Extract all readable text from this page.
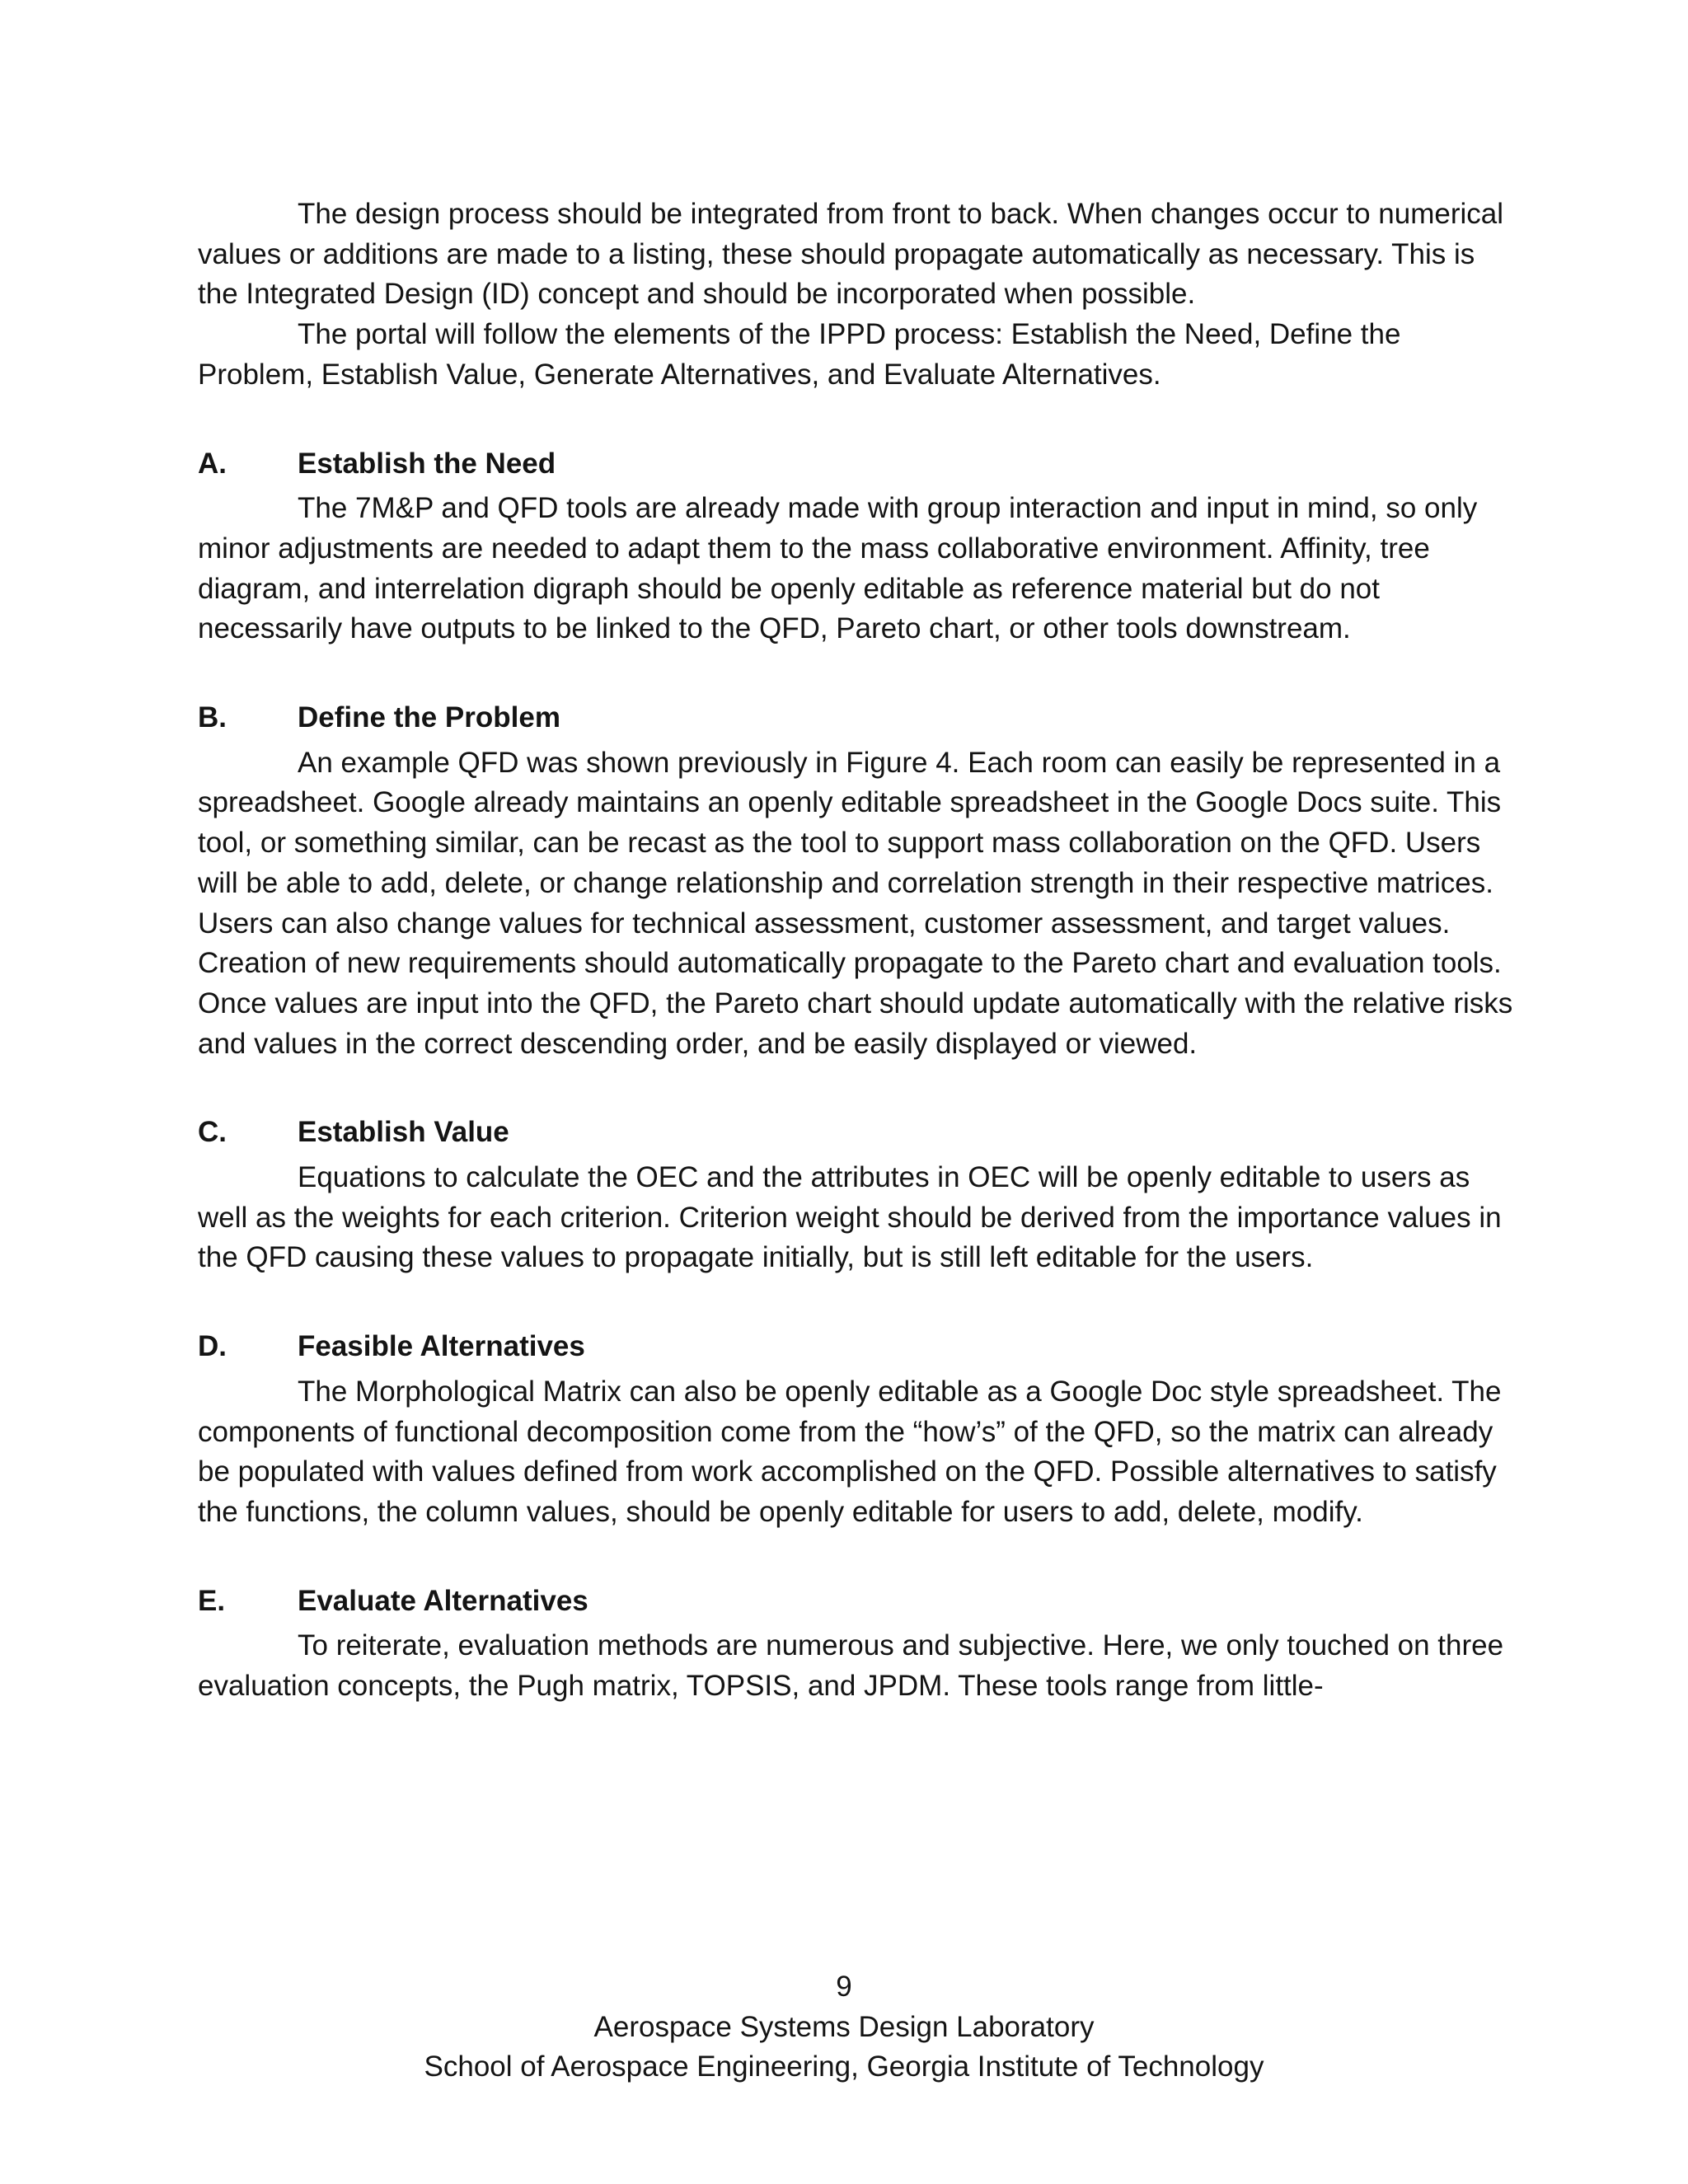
The design process should be integrated from front to back. When changes occur to numerical values or additions are made to a listing, these should propagate automatically as necessary. This is the Integrated Design (ID) concept and should be incorporated when possible.

The portal will follow the elements of the IPPD process: Establish the Need, Define the Problem, Establish Value, Generate Alternatives, and Evaluate Alternatives.

A.	Establish the Need

The 7M&P and QFD tools are already made with group interaction and input in mind, so only minor adjustments are needed to adapt them to the mass collaborative environment. Affinity, tree diagram, and interrelation digraph should be openly editable as reference material but do not necessarily have outputs to be linked to the QFD, Pareto chart, or other tools downstream.

B.	Define the Problem

An example QFD was shown previously in Figure 4. Each room can easily be represented in a spreadsheet. Google already maintains an openly editable spreadsheet in the Google Docs suite. This tool, or something similar, can be recast as the tool to support mass collaboration on the QFD. Users will be able to add, delete, or change relationship and correlation strength in their respective matrices. Users can also change values for technical assessment, customer assessment, and target values. Creation of new requirements should automatically propagate to the Pareto chart and evaluation tools. Once values are input into the QFD, the Pareto chart should update automatically with the relative risks and values in the correct descending order, and be easily displayed or viewed.

C.	Establish Value

Equations to calculate the OEC and the attributes in OEC will be openly editable to users as well as the weights for each criterion. Criterion weight should be derived from the importance values in the QFD causing these values to propagate initially, but is still left editable for the users.

D.	Feasible Alternatives

The Morphological Matrix can also be openly editable as a Google Doc style spreadsheet. The components of functional decomposition come from the “how’s” of the QFD, so the matrix can already be populated with values defined from work accomplished on the QFD. Possible alternatives to satisfy the functions, the column values, should be openly editable for users to add, delete, modify.

E.	Evaluate Alternatives

To reiterate, evaluation methods are numerous and subjective. Here, we only touched on three evaluation concepts, the Pugh matrix, TOPSIS, and JPDM. These tools range from little-

9
Aerospace Systems Design Laboratory
School of Aerospace Engineering, Georgia Institute of Technology
